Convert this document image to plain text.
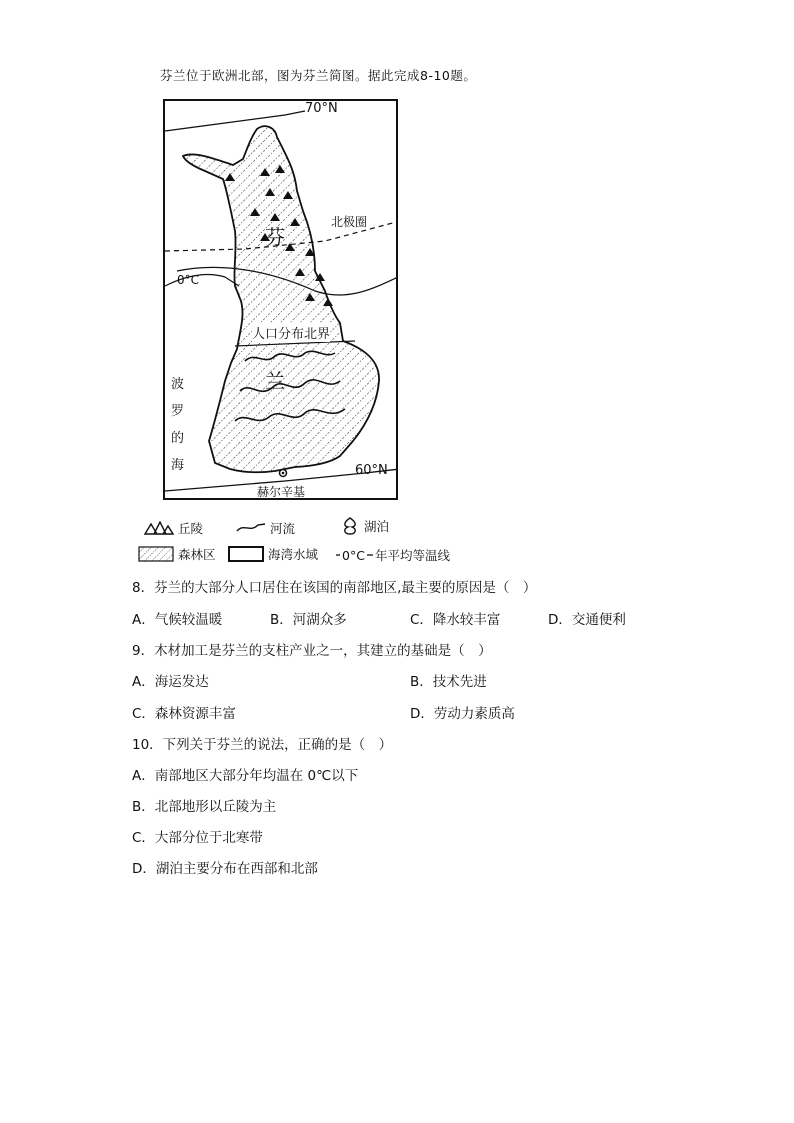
芬兰位于欧洲北部，图为芬兰简图。据此完成8-10题。
70°N
北极圈
0°C
芬
兰
人口分布北界
波
罗
的
海	60°N
赫尔辛基
丘陵	河流	湖泊
森林区	海湾水域 0°C 年平均等温线
8．芬兰的大部分人口居住在该国的南部地区,最主要的原因是（　）
A．气候较温暖	B．河湖众多	C．降水较丰富	D．交通便利
9．木材加工是芬兰的支柱产业之一，其建立的基础是（　）
A．海运发达	B．技术先进
C．森林资源丰富	D．劳动力素质高
10．下列关于芬兰的说法，正确的是（　）
A．南部地区大部分年均温在 0℃以下
B．北部地形以丘陵为主
C．大部分位于北寒带
D．湖泊主要分布在西部和北部
